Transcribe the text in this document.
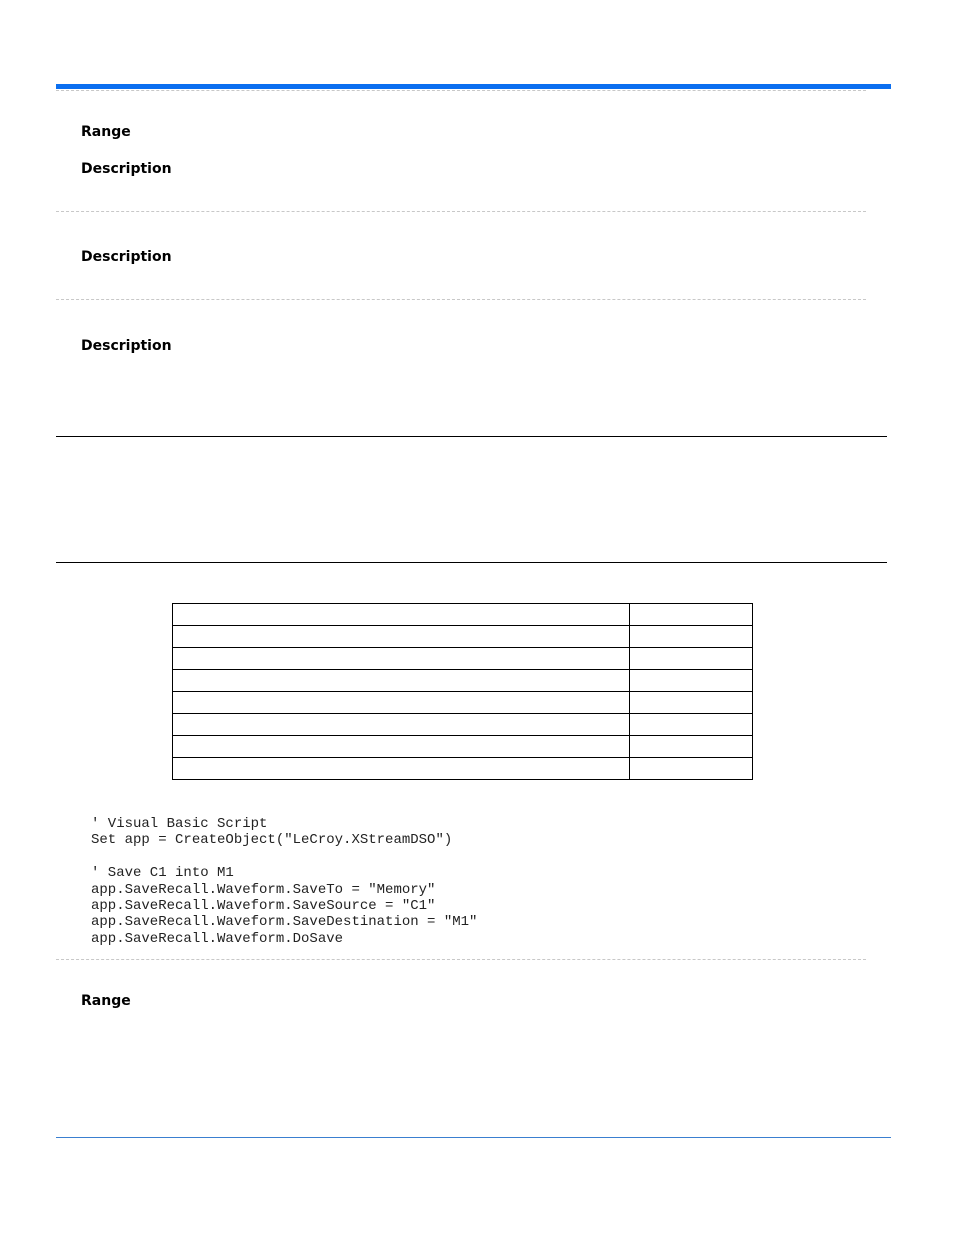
Range
Description
Description
Description

' Visual Basic Script
Set app = CreateObject("LeCroy.XStreamDSO")
' Save C1 into M1
app.SaveRecall.Waveform.SaveTo = "Memory"
app.SaveRecall.Waveform.SaveSource = "C1"
app.SaveRecall.Waveform.SaveDestination = "M1"
app.SaveRecall.Waveform.DoSave
Range
